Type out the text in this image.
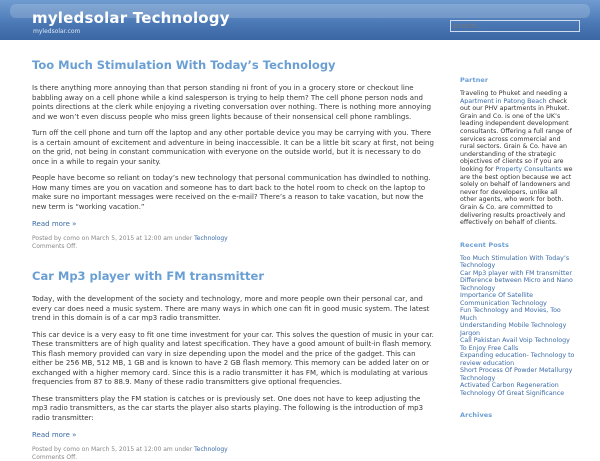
myledsolar Technology
myledsolar.com
search...
Too Much Stimulation With Today’s Technology

Is there anything more annoying than that person standing ni front of you in a grocery store or checkout line babbling away on a cell phone while a kind salesperson is trying to help them? The cell phone person nods and points directions at the clerk while enjoying a riveting conversation over nothing. There is nothing more annoying and we won’t even discuss people who miss green lights because of their nonsensical cell phone ramblings.

Turn off the cell phone and turn off the laptop and any other portable device you may be carrying with you. There is a certain amount of excitement and adventure in being inaccessible. It can be a little bit scary at first, not being on the grid, not being in constant communication with everyone on the outside world, but it is necessary to do once in a while to regain your sanity.

People have become so reliant on today’s new technology that personal communication has dwindled to nothing. How many times are you on vacation and someone has to dart back to the hotel room to check on the laptop to make sure no important messages were received on the e-mail? There’s a reason to take vacation, but now the new term is “working vacation.”

Read more »
Posted by como on March 5, 2015 at 12:00 am under Technology
Comments Off.
Car Mp3 player with FM transmitter

Today, with the development of the society and technology, more and more people own their personal car, and every car does need a music system. There are many ways in which one can fit in good music system. The latest trend in this domain is of a car mp3 radio transmitter.

This car device is a very easy to fit one time investment for your car. This solves the question of music in your car. These transmitters are of high quality and latest specification. They have a good amount of built-in flash memory. This flash memory provided can vary in size depending upon the model and the price of the gadget. This can either be 256 MB, 512 MB, 1 GB and is known to have 2 GB flash memory. This memory can be added later on or exchanged with a higher memory card. Since this is a radio transmitter it has FM, which is modulating at various frequencies from 87 to 88.9. Many of these radio transmitters give optional frequencies.

These transmitters play the FM station is catches or is previously set. One does not have to keep adjusting the mp3 radio transmitters, as the car starts the player also starts playing. The following is the introduction of mp3 radio transmitter:

Read more »
Posted by como on March 5, 2015 at 12:00 am under Technology
Comments Off.
Partner

Traveling to Phuket and needing a Apartment in Patong Beach check out our PHV apartments in Phuket. Grain and Co. is one of the UK’s leading independent development consultants. Offering a full range of services across commercial and rural sectors. Grain & Co. have an understanding of the strategic objectives of clients so if you are looking for Property Consultants we are the best option because we act solely on behalf of landowners and never for developers, unlike all other agents, who work for both. Grain & Co. are committed to delivering results proactively and effectively on behalf of clients.

Recent Posts
Too Much Stimulation With Today’s Technology
Car Mp3 player with FM transmitter
Difference between Micro and Nano Technology
Importance Of Satellite Communication Technology
Fun Technology and Movies, Too Much
Understanding Mobile Technology Jargon
Call Pakistan Avail Voip Technology To Enjoy Free Calls
Expanding education- Technology to review education
Short Process Of Powder Metallurgy Technology
Activated Carbon Regeneration Technology Of Great Significance
Archives
